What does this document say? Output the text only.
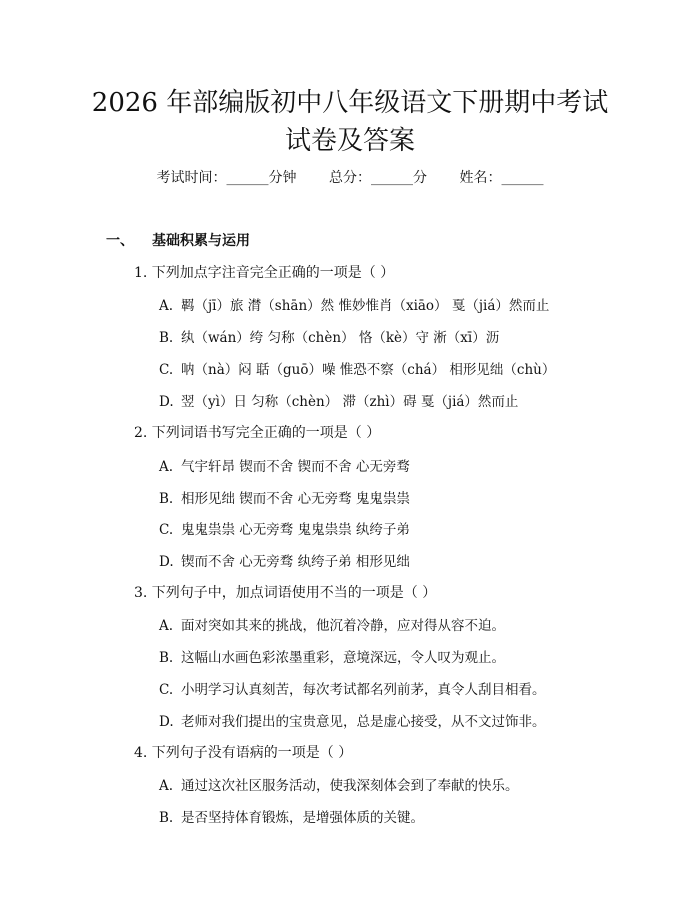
2026 年部编版初中八年级语文下册期中考试
试卷及答案
考试时间：______分钟 总分：______分 姓名：______
一、 基础积累与运用
1. 下列加点字注音完全正确的一项是（ ）
A. 羁（jī）旅 潸（shān）然 惟妙惟肖（xiāo） 戛（jiá）然而止
B. 纨（wán）绔 匀称（chèn） 恪（kè）守 淅（xī）沥
C. 呐（nà）闷 聒（guō）噪 惟恐不察（chá） 相形见绌（chù）
D. 翌（yì）日 匀称（chèn） 滞（zhì）碍 戛（jiá）然而止
2. 下列词语书写完全正确的一项是（ ）
A. 气宇轩昂 锲而不舍 锲而不舍 心无旁骛
B. 相形见绌 锲而不舍 心无旁骛 鬼鬼祟祟
C. 鬼鬼祟祟 心无旁骛 鬼鬼祟祟 纨绔子弟
D. 锲而不舍 心无旁骛 纨绔子弟 相形见绌
3. 下列句子中，加点词语使用不当的一项是（ ）
A. 面对突如其来的挑战，他沉着冷静，应对得从容不迫。
B. 这幅山水画色彩浓墨重彩，意境深远，令人叹为观止。
C. 小明学习认真刻苦，每次考试都名列前茅，真令人刮目相看。
D. 老师对我们提出的宝贵意见，总是虚心接受，从不文过饰非。
4. 下列句子没有语病的一项是（ ）
A. 通过这次社区服务活动，使我深刻体会到了奉献的快乐。
B. 是否坚持体育锻炼，是增强体质的关键。
